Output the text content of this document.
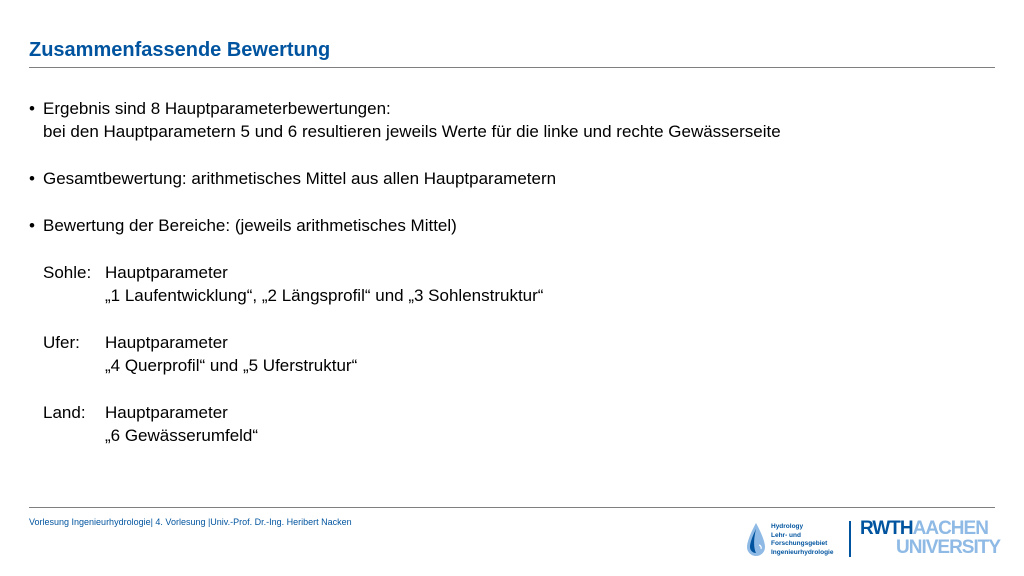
Zusammenfassende Bewertung
• Ergebnis sind 8 Hauptparameterbewertungen:
bei den Hauptparametern 5 und 6 resultieren jeweils Werte für die linke und rechte Gewässerseite
• Gesamtbewertung: arithmetisches Mittel aus allen Hauptparametern
• Bewertung der Bereiche: (jeweils arithmetisches Mittel)
Sohle: Hauptparameter
„1 Laufentwicklung“, „2 Längsprofil“ und „3 Sohlenstruktur“
Ufer:	Hauptparameter
„4 Querprofil“ und „5 Uferstruktur“
Land:	Hauptparameter
„6 Gewässerumfeld“
Vorlesung Ingenieurhydrologie| 4. Vorlesung |Univ.-Prof. Dr.-Ing. Heribert Nacken	Hydrology
Lehr- und
Forschungsgebiet
Ingenieurhydrologie
RWTHAACHEN
UNIVERSITY
